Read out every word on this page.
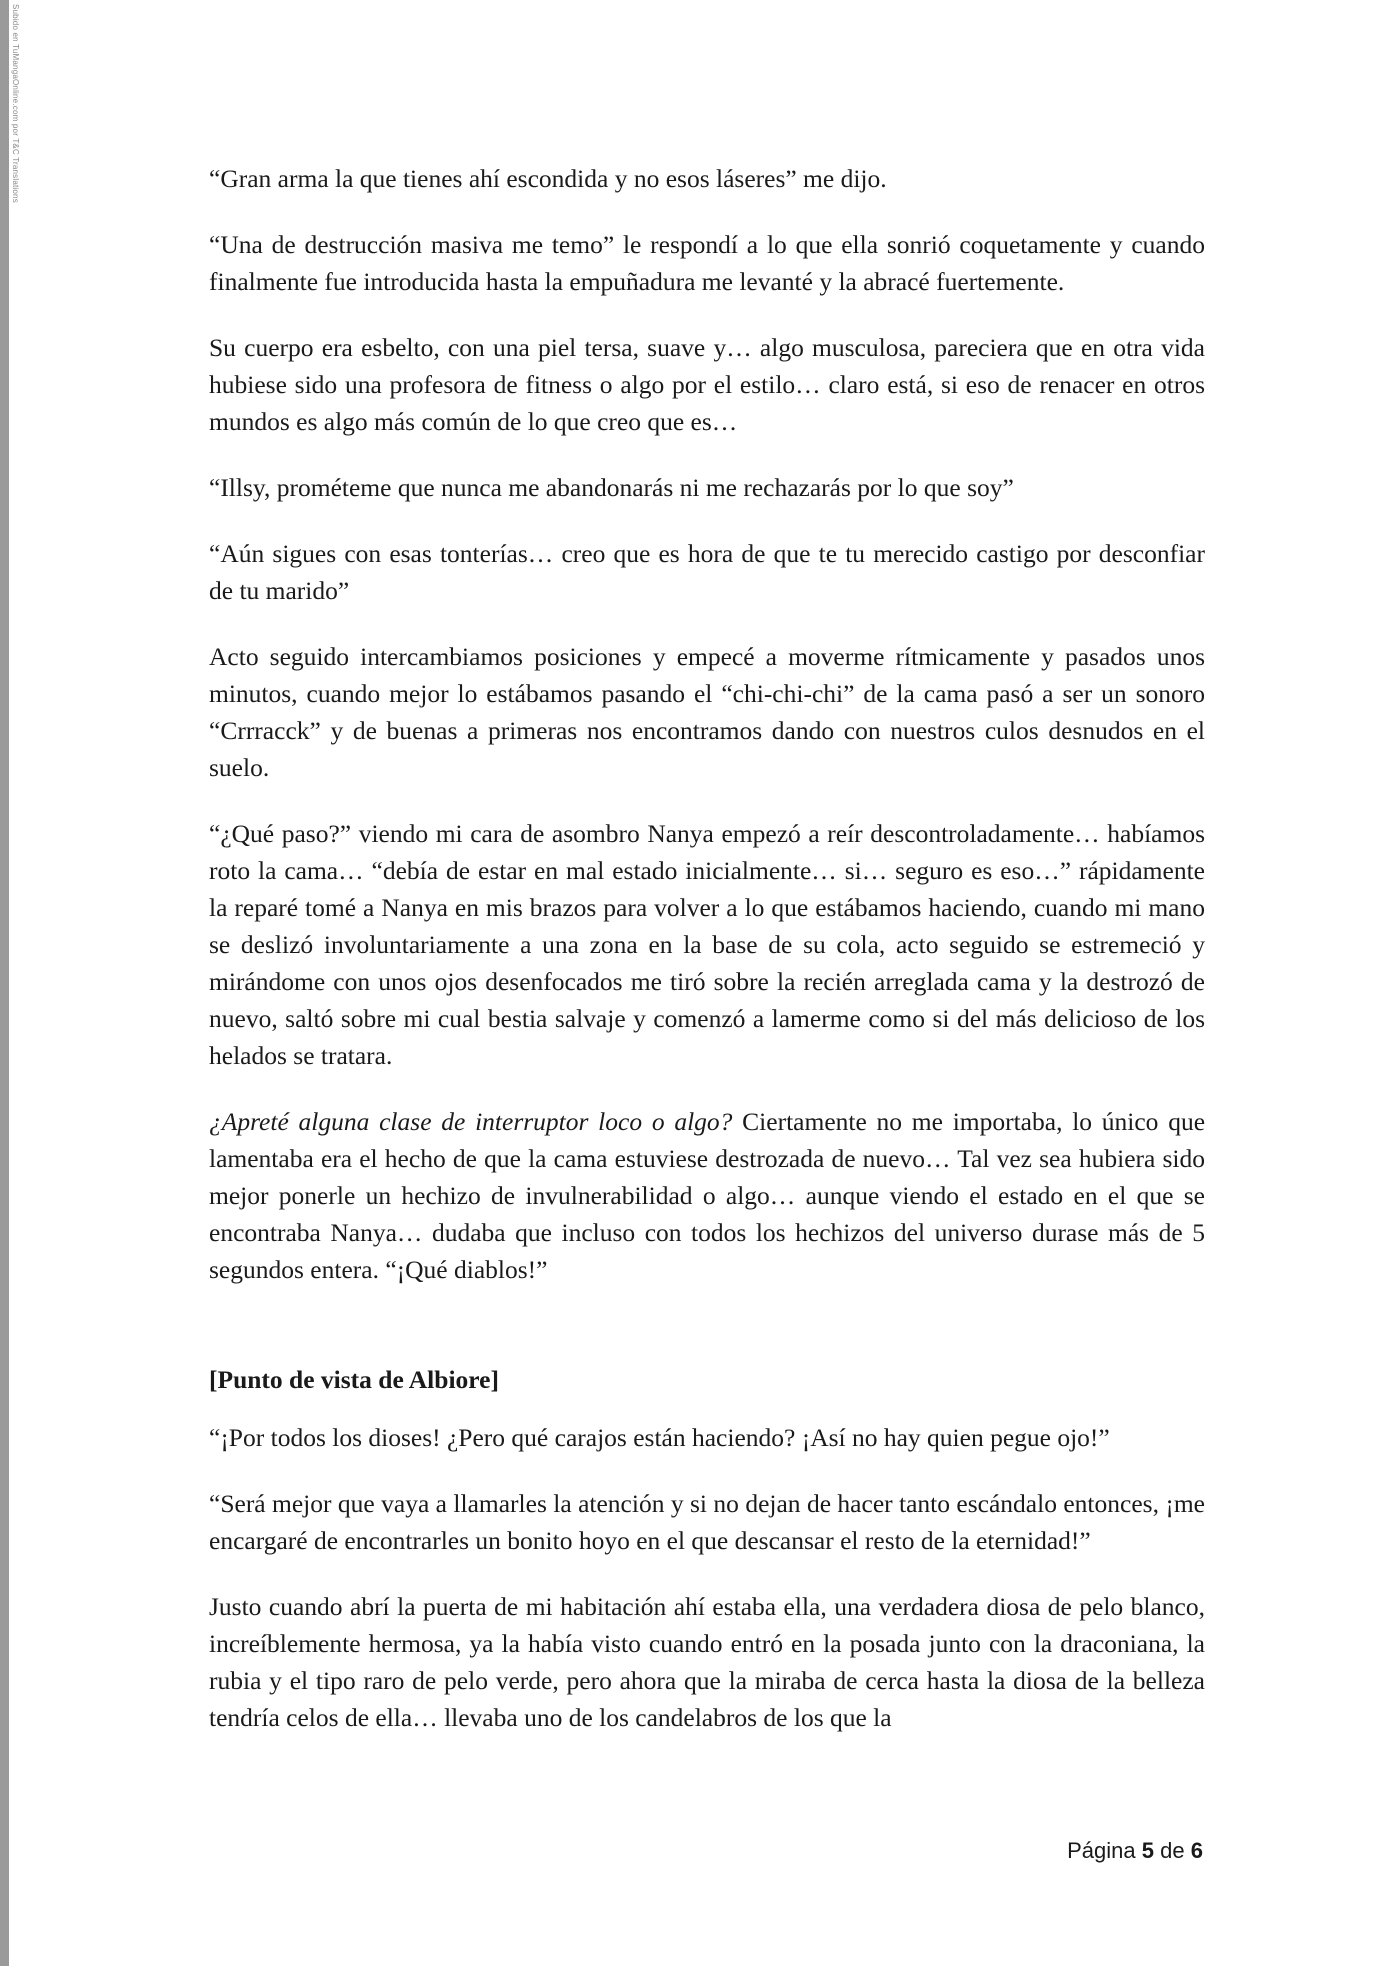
Subido en TuMangaOnline.com por T&C Translations	“Gran arma la que tienes ahí escondida y no esos láseres” me dijo.

“Una de destrucción masiva me temo” le respondí a lo que ella sonrió coquetamente y cuando finalmente fue introducida hasta la empuñadura me levanté y la abracé fuertemente.

Su cuerpo era esbelto, con una piel tersa, suave y… algo musculosa, pareciera que en otra vida hubiese sido una profesora de fitness o algo por el estilo… claro está, si eso de renacer en otros mundos es algo más común de lo que creo que es…

“Illsy, prométeme que nunca me abandonarás ni me rechazarás por lo que soy”

“Aún sigues con esas tonterías… creo que es hora de que te tu merecido castigo por desconfiar de tu marido”

Acto seguido intercambiamos posiciones y empecé a moverme rítmicamente y pasados unos minutos, cuando mejor lo estábamos pasando el “chi-chi-chi” de la cama pasó a ser un sonoro “Crrracck” y de buenas a primeras nos encontramos dando con nuestros culos desnudos en el suelo.

“¿Qué paso?” viendo mi cara de asombro Nanya empezó a reír descontroladamente… habíamos roto la cama… “debía de estar en mal estado inicialmente… si… seguro es eso…” rápidamente la reparé tomé a Nanya en mis brazos para volver a lo que estábamos haciendo, cuando mi mano se deslizó involuntariamente a una zona en la base de su cola, acto seguido se estremeció y mirándome con unos ojos desenfocados me tiró sobre la recién arreglada cama y la destrozó de nuevo, saltó sobre mi cual bestia salvaje y comenzó a lamerme como si del más delicioso de los helados se tratara.

¿Apreté alguna clase de interruptor loco o algo? Ciertamente no me importaba, lo único que lamentaba era el hecho de que la cama estuviese destrozada de nuevo… Tal vez sea hubiera sido mejor ponerle un hechizo de invulnerabilidad o algo… aunque viendo el estado en el que se encontraba Nanya… dudaba que incluso con todos los hechizos del universo durase más de 5 segundos entera. “¡Qué diablos!”

[Punto de vista de Albiore]

“¡Por todos los dioses! ¿Pero qué carajos están haciendo? ¡Así no hay quien pegue ojo!”

“Será mejor que vaya a llamarles la atención y si no dejan de hacer tanto escándalo entonces, ¡me encargaré de encontrarles un bonito hoyo en el que descansar el resto de la eternidad!”

Justo cuando abrí la puerta de mi habitación ahí estaba ella, una verdadera diosa de pelo blanco, increíblemente hermosa, ya la había visto cuando entró en la posada junto con la draconiana, la rubia y el tipo raro de pelo verde, pero ahora que la miraba de cerca hasta la diosa de la belleza tendría celos de ella… llevaba uno de los candelabros de los que la

Página 5 de 6
